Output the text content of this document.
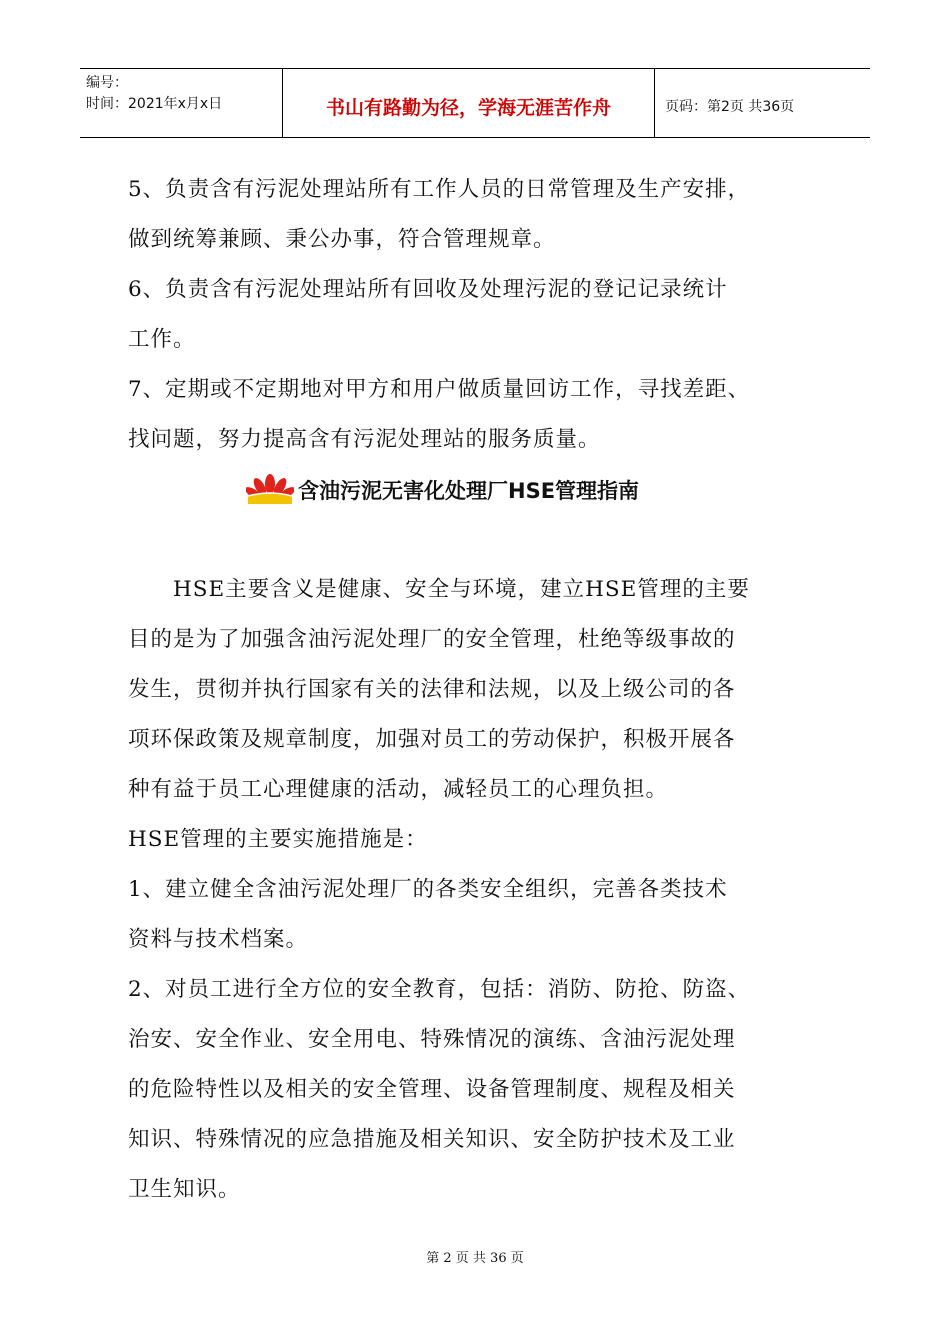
编号：
时间：2021年x月x日	书山有路勤为径，学海无涯苦作舟	页码：第2页 共36页
5、负责含有污泥处理站所有工作人员的日常管理及生产安排，
做到统筹兼顾、秉公办事，符合管理规章。
6、负责含有污泥处理站所有回收及处理污泥的登记记录统计
工作。
7、定期或不定期地对甲方和用户做质量回访工作，寻找差距、
找问题，努力提高含有污泥处理站的服务质量。
含油污泥无害化处理厂HSE管理指南
　　HSE主要含义是健康、安全与环境，建立HSE管理的主要
目的是为了加强含油污泥处理厂的安全管理，杜绝等级事故的
发生，贯彻并执行国家有关的法律和法规，以及上级公司的各
项环保政策及规章制度，加强对员工的劳动保护，积极开展各
种有益于员工心理健康的活动，减轻员工的心理负担。
HSE管理的主要实施措施是：
1、建立健全含油污泥处理厂的各类安全组织，完善各类技术
资料与技术档案。
2、对员工进行全方位的安全教育，包括：消防、防抢、防盗、
治安、安全作业、安全用电、特殊情况的演练、含油污泥处理
的危险特性以及相关的安全管理、设备管理制度、规程及相关
知识、特殊情况的应急措施及相关知识、安全防护技术及工业
卫生知识。
第 2 页 共 36 页
